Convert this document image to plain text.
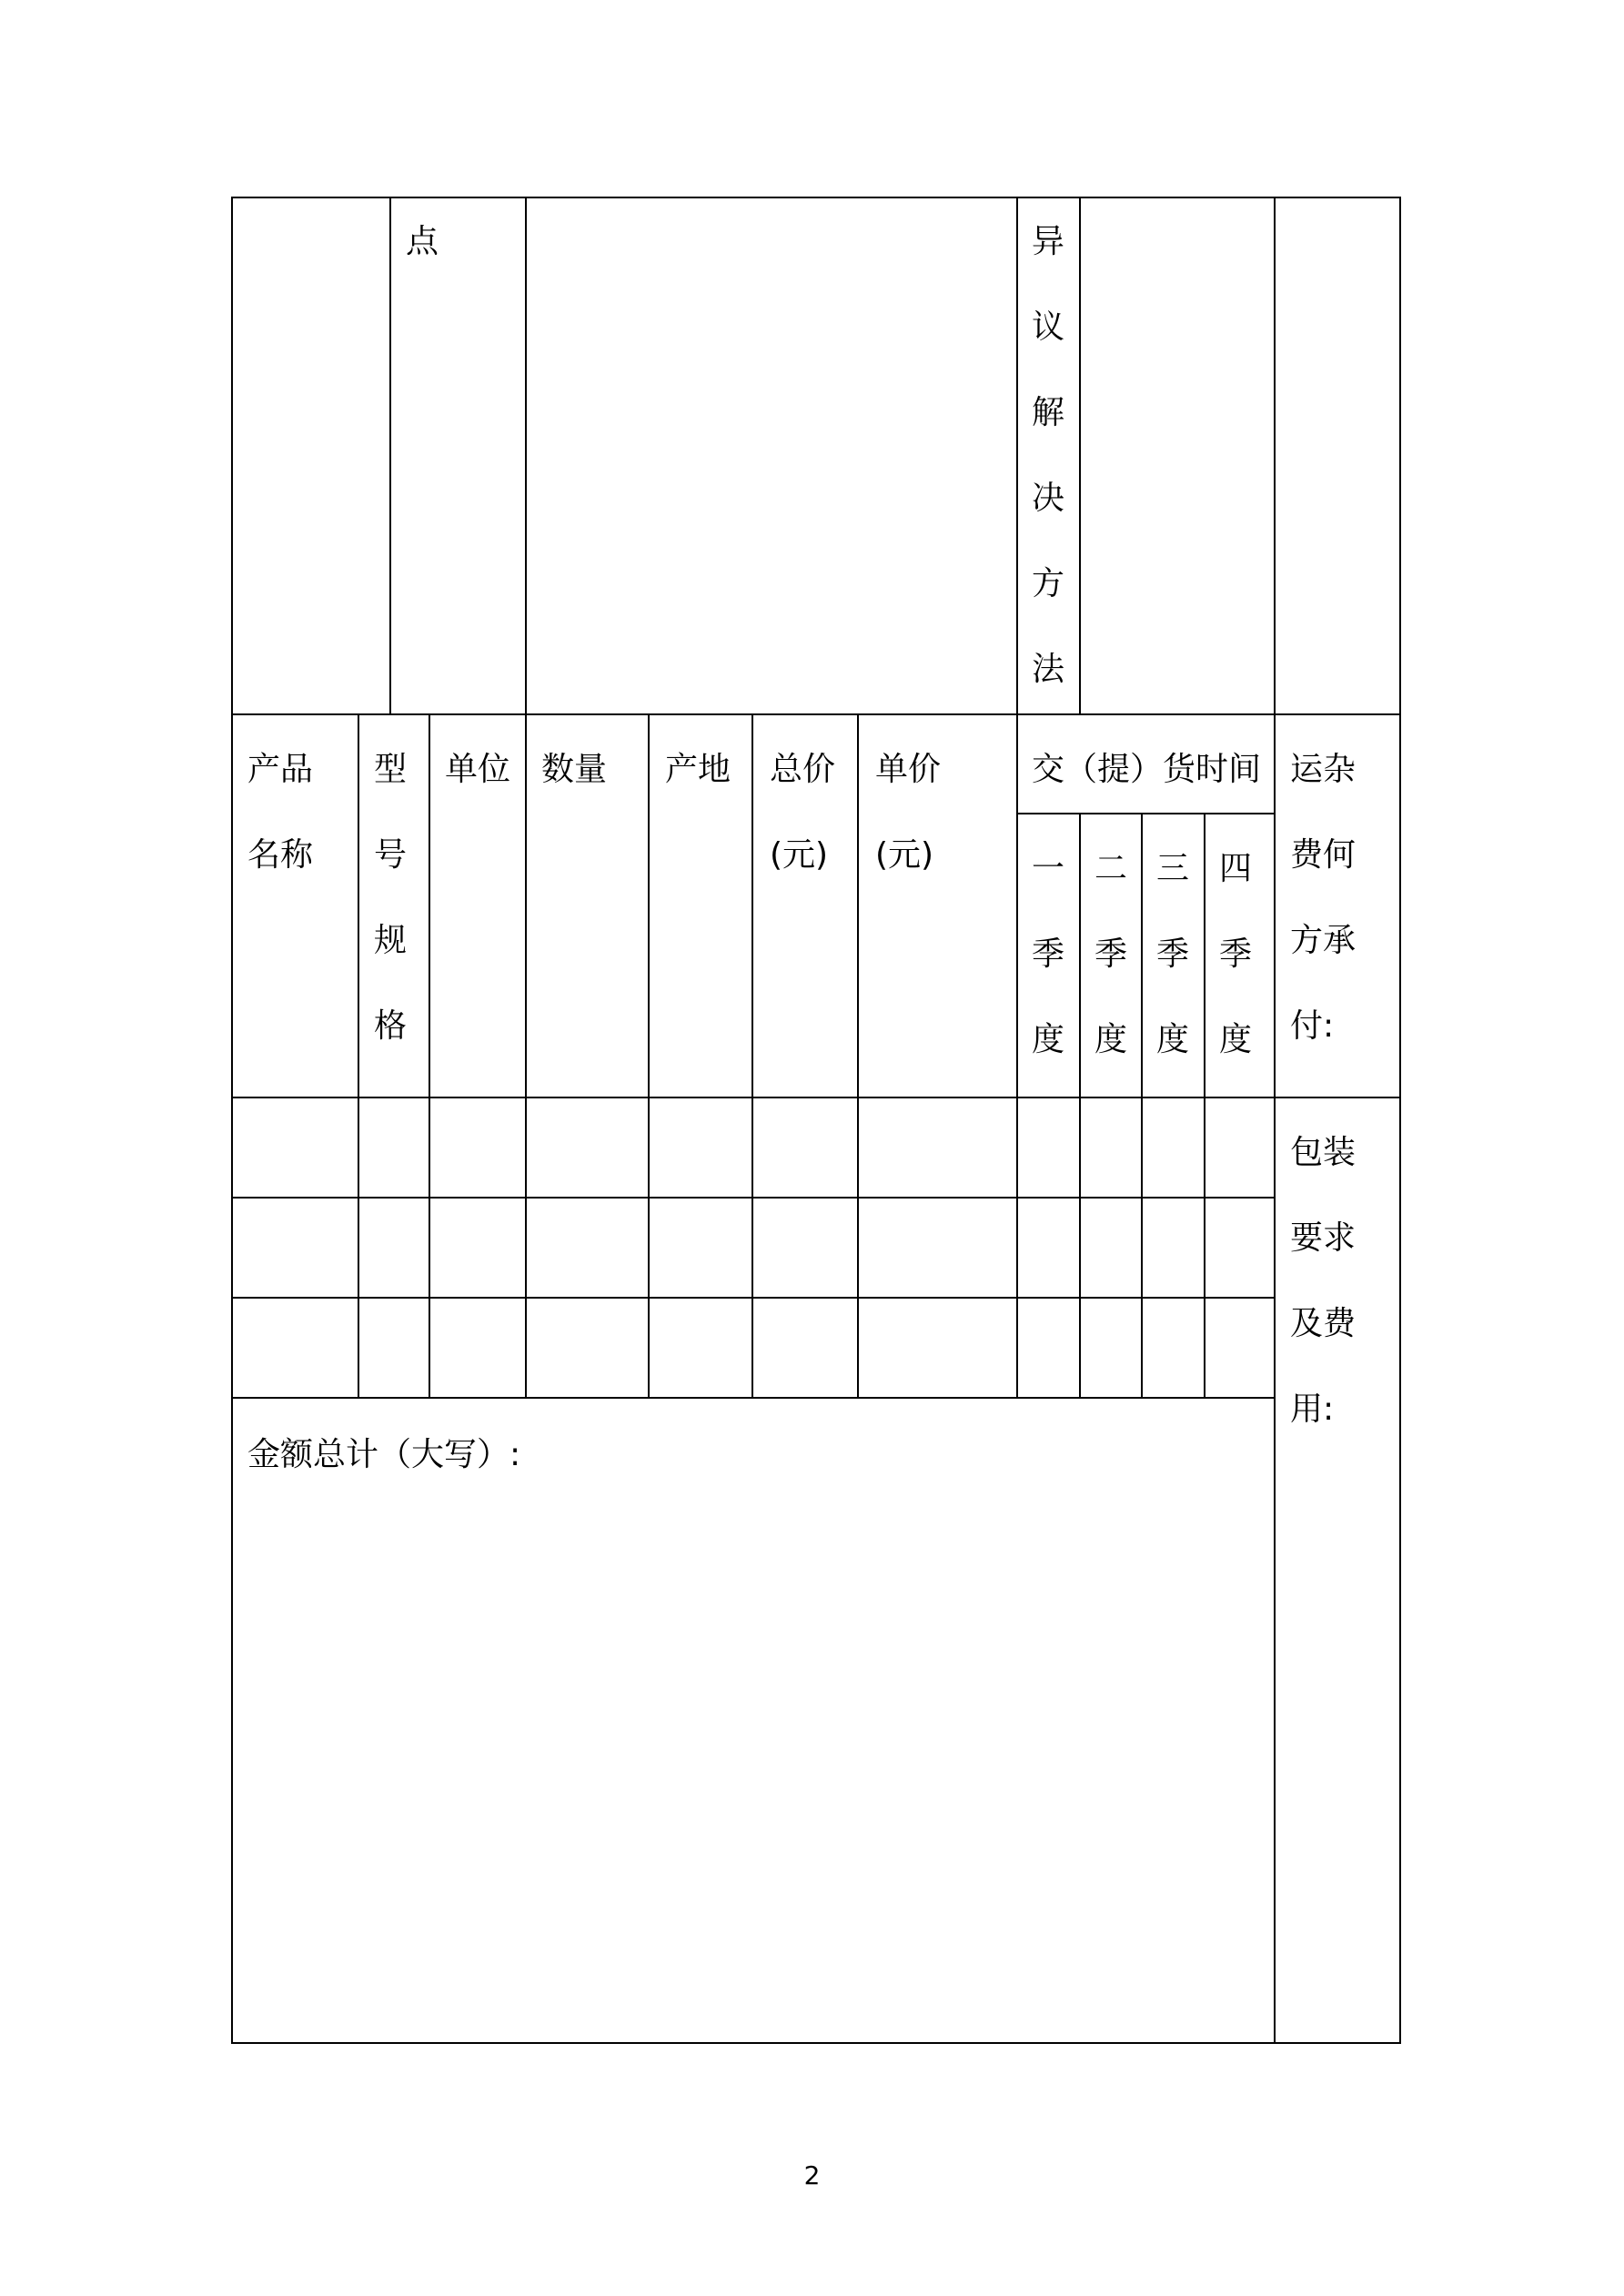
点	异
议
解
决
方
法
产品
名称
型
号
规
格
单位 数量 产地 总价
(元)
单价
(元)
交（提）货时间
一
季
度
二
季
度
三
季
度
四
季
度
运杂
费何
方承
付:
包装
要求
及费
用:
金额总计（大写）:
2
